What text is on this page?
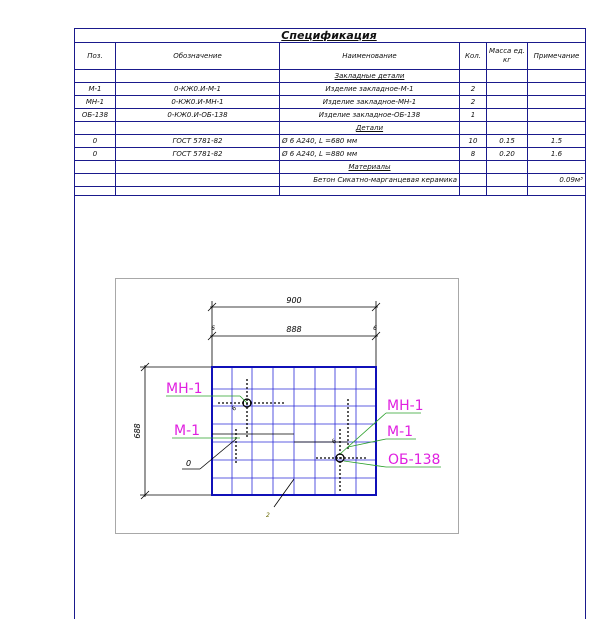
Спецификация
Поз.	Обозначение	Наименование	Кол.	Масса ед. кг	Примечание
		Закладные детали			
М-1	0-КЖ0.И-М-1	Изделие закладное-М-1	2		
МН-1	0-КЖ0.И-МН-1	Изделие закладное-МН-1	2		
ОБ-138	0-КЖ0.И-ОБ-138	Изделие закладное-ОБ-138	1		
		Детали			
0	ГОСТ 5781-82	Ø 6 А240, L =680 мм	10	0.15	1.5
0	ГОСТ 5781-82	Ø 6 А240, L =880 мм	8	0.20	1.6
		Материалы			
		Бетон Сикатно-марганцевая керамика			0.09м³

900
888
6	6
688
МН-1
М-1
МН-1
М-1
ОБ-138
0
2
6
6
